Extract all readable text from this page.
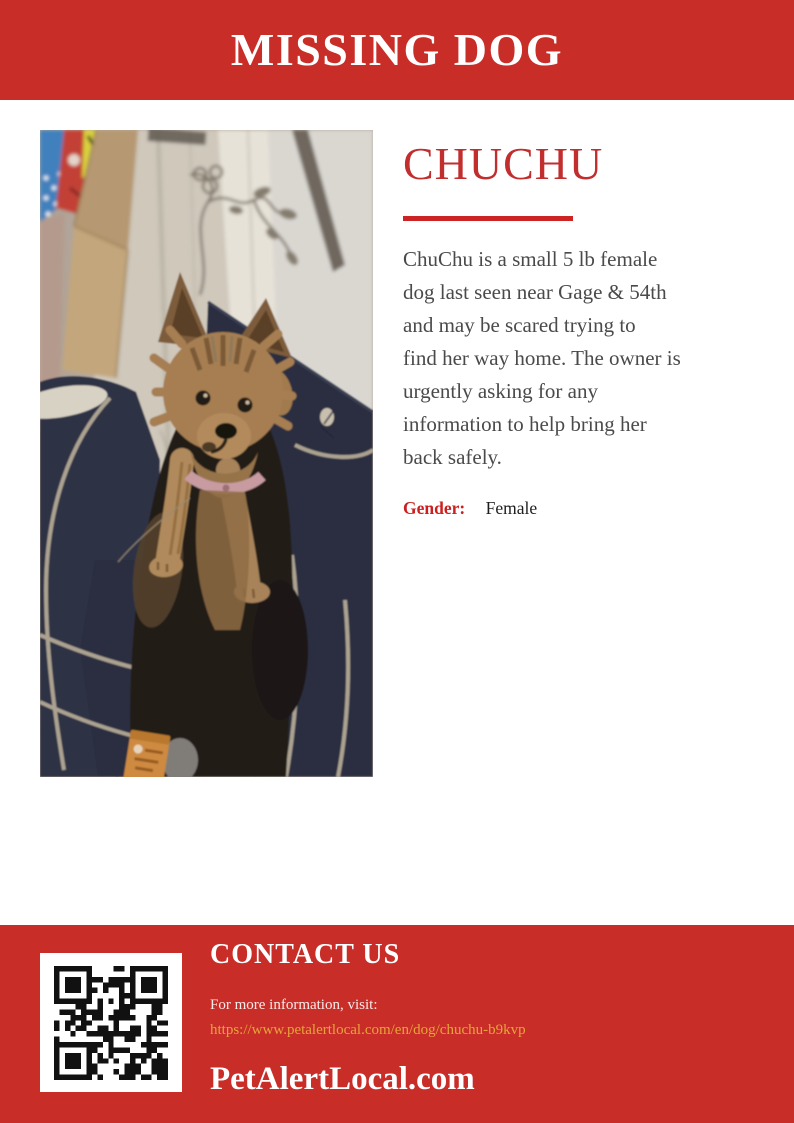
MISSING DOG
CHUCHU
ChuChu is a small 5 lb female
dog last seen near Gage & 54th
and may be scared trying to
find her way home. The owner is
urgently asking for any
information to help bring her
back safely.
Gender: Female
CONTACT US
For more information, visit:
https://www.petalertlocal.com/en/dog/chuchu-b9kvp
PetAlertLocal.com
